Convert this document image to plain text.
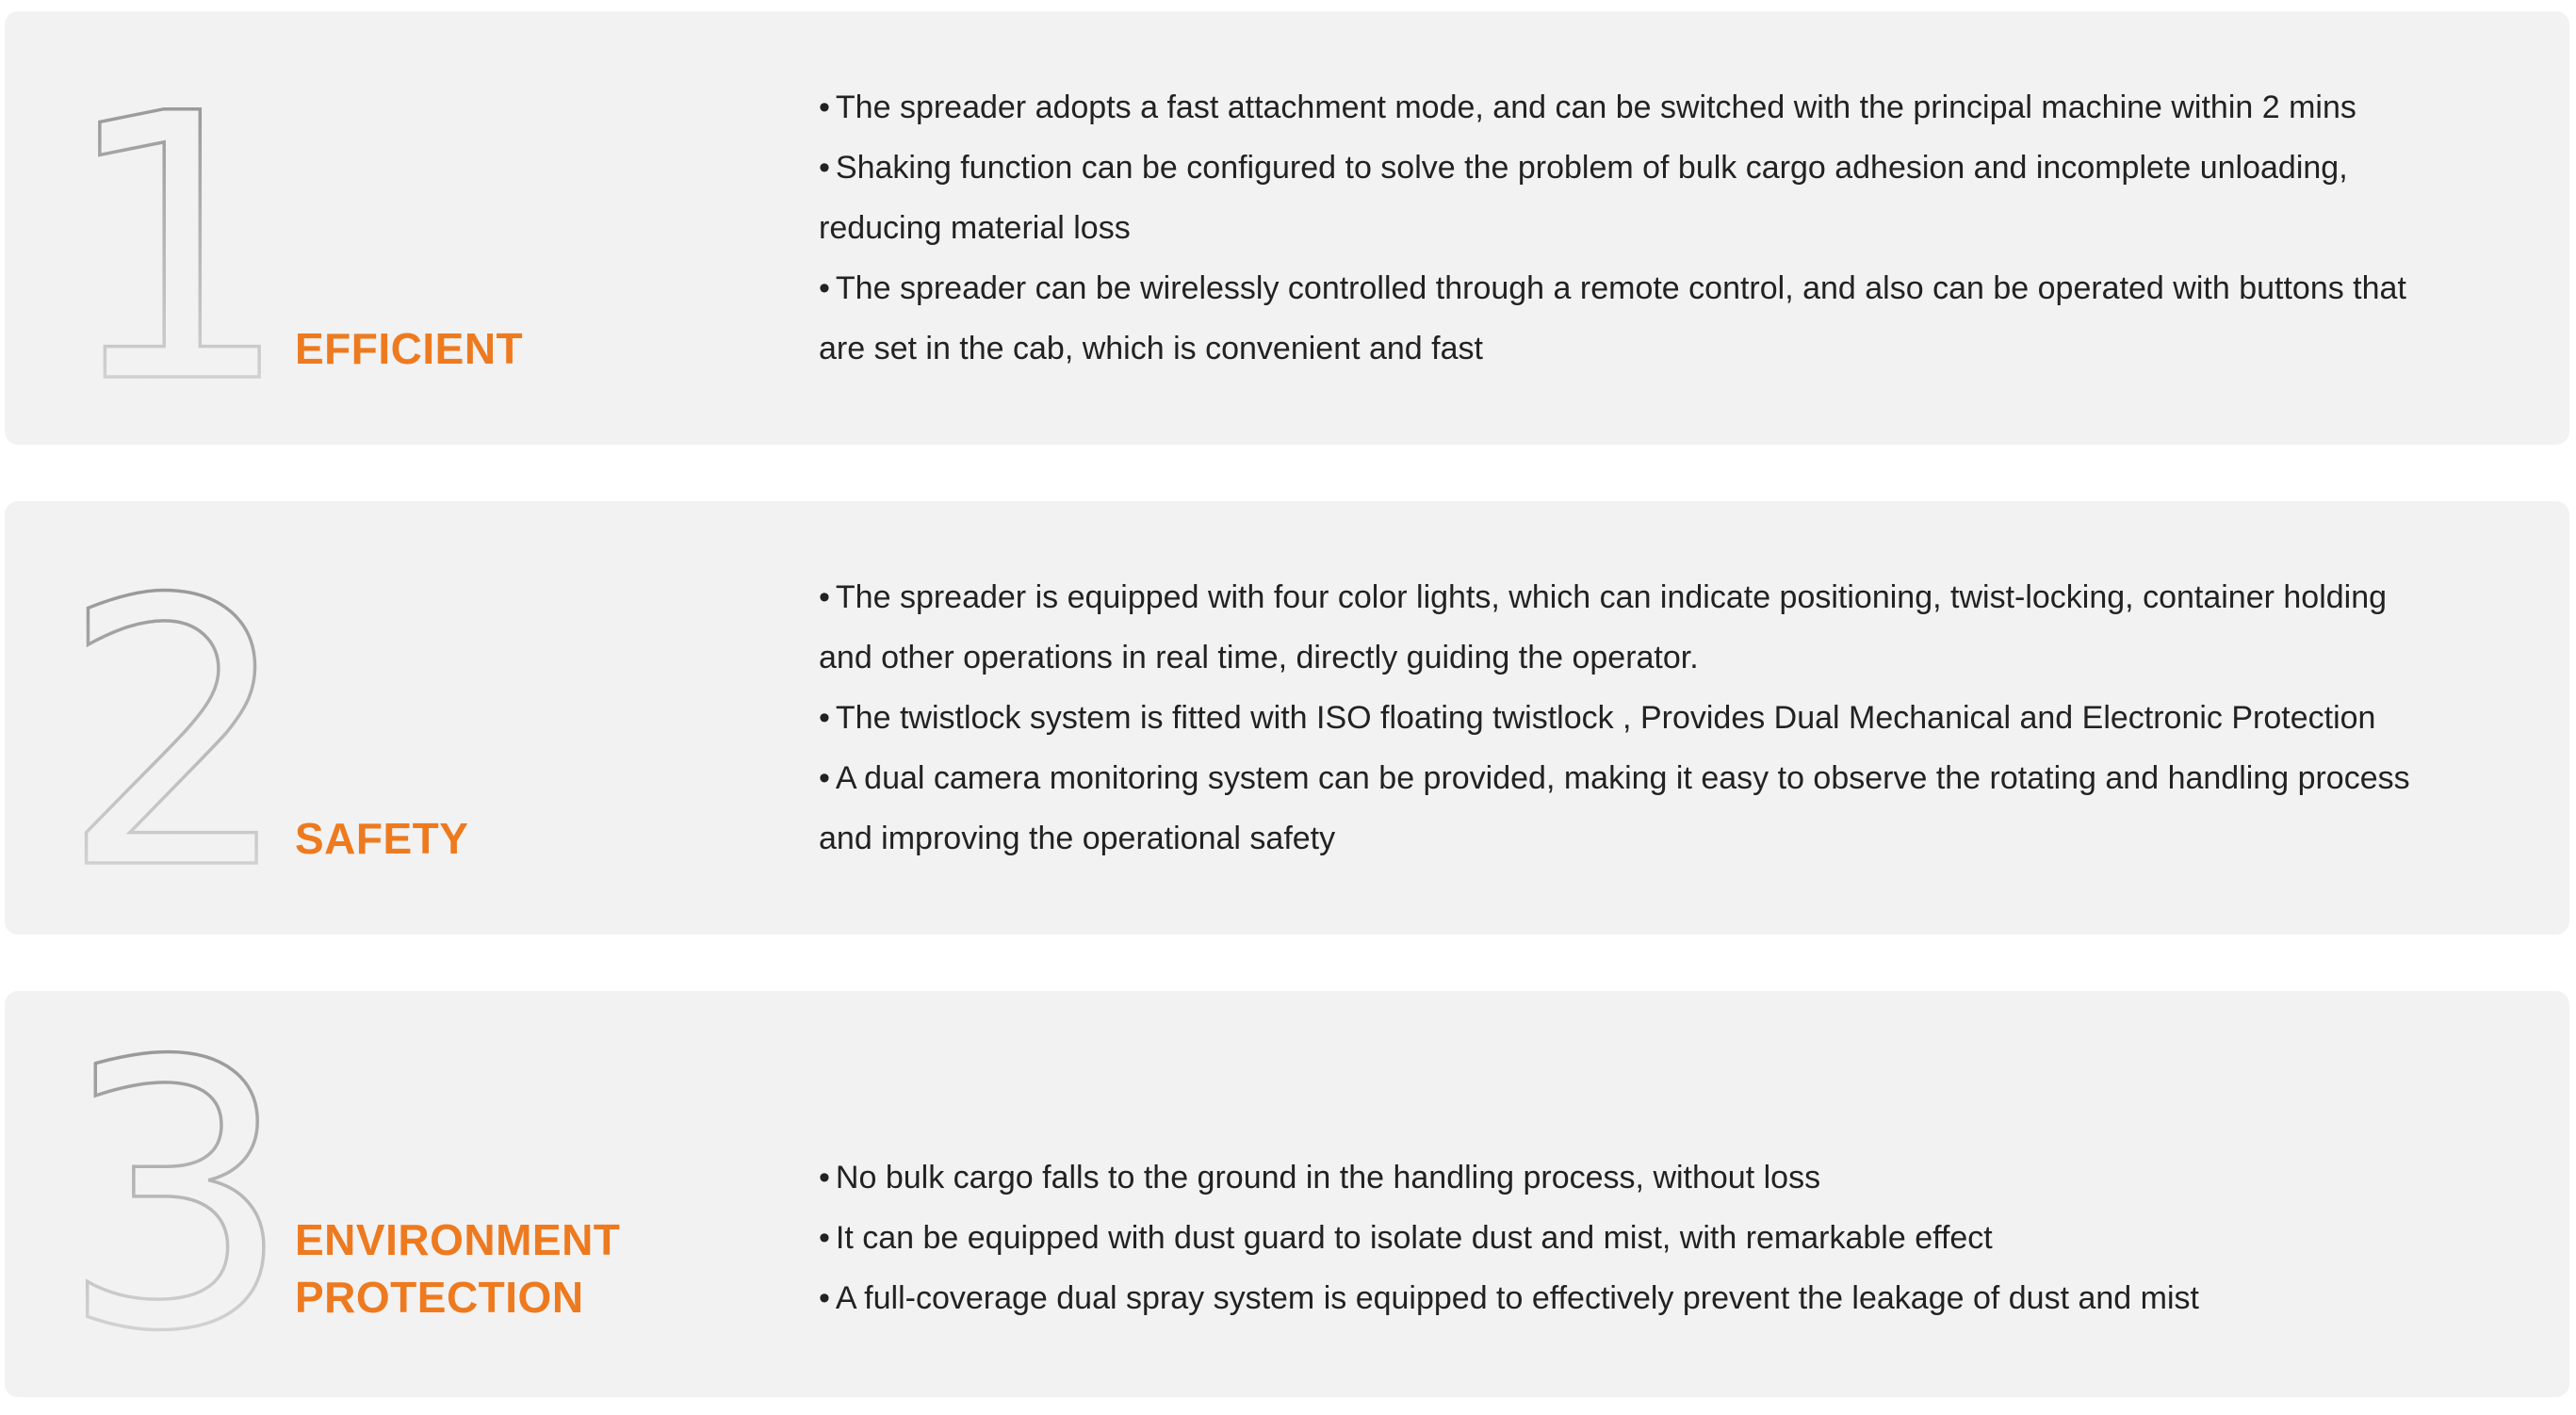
1 EFFICIENT
• The spreader adopts a fast attachment mode, and can be switched with the principal machine within 2 mins
• Shaking function can be configured to solve the problem of bulk cargo adhesion and incomplete unloading, reducing material loss
• The spreader can be wirelessly controlled through a remote control, and also can be operated with buttons that are set in the cab, which is convenient and fast
2 SAFETY
• The spreader is equipped with four color lights, which can indicate positioning, twist-locking, container holding and other operations in real time, directly guiding the operator.
• The twistlock system is fitted with ISO floating twistlock , Provides Dual Mechanical and Electronic Protection
• A dual camera monitoring system can be provided, making it easy to observe the rotating and handling process and improving the operational safety
3 ENVIRONMENT
PROTECTION
• No bulk cargo falls to the ground in the handling process, without loss
• It can be equipped with dust guard to isolate dust and mist, with remarkable effect
• A full-coverage dual spray system is equipped to effectively prevent the leakage of dust and mist
